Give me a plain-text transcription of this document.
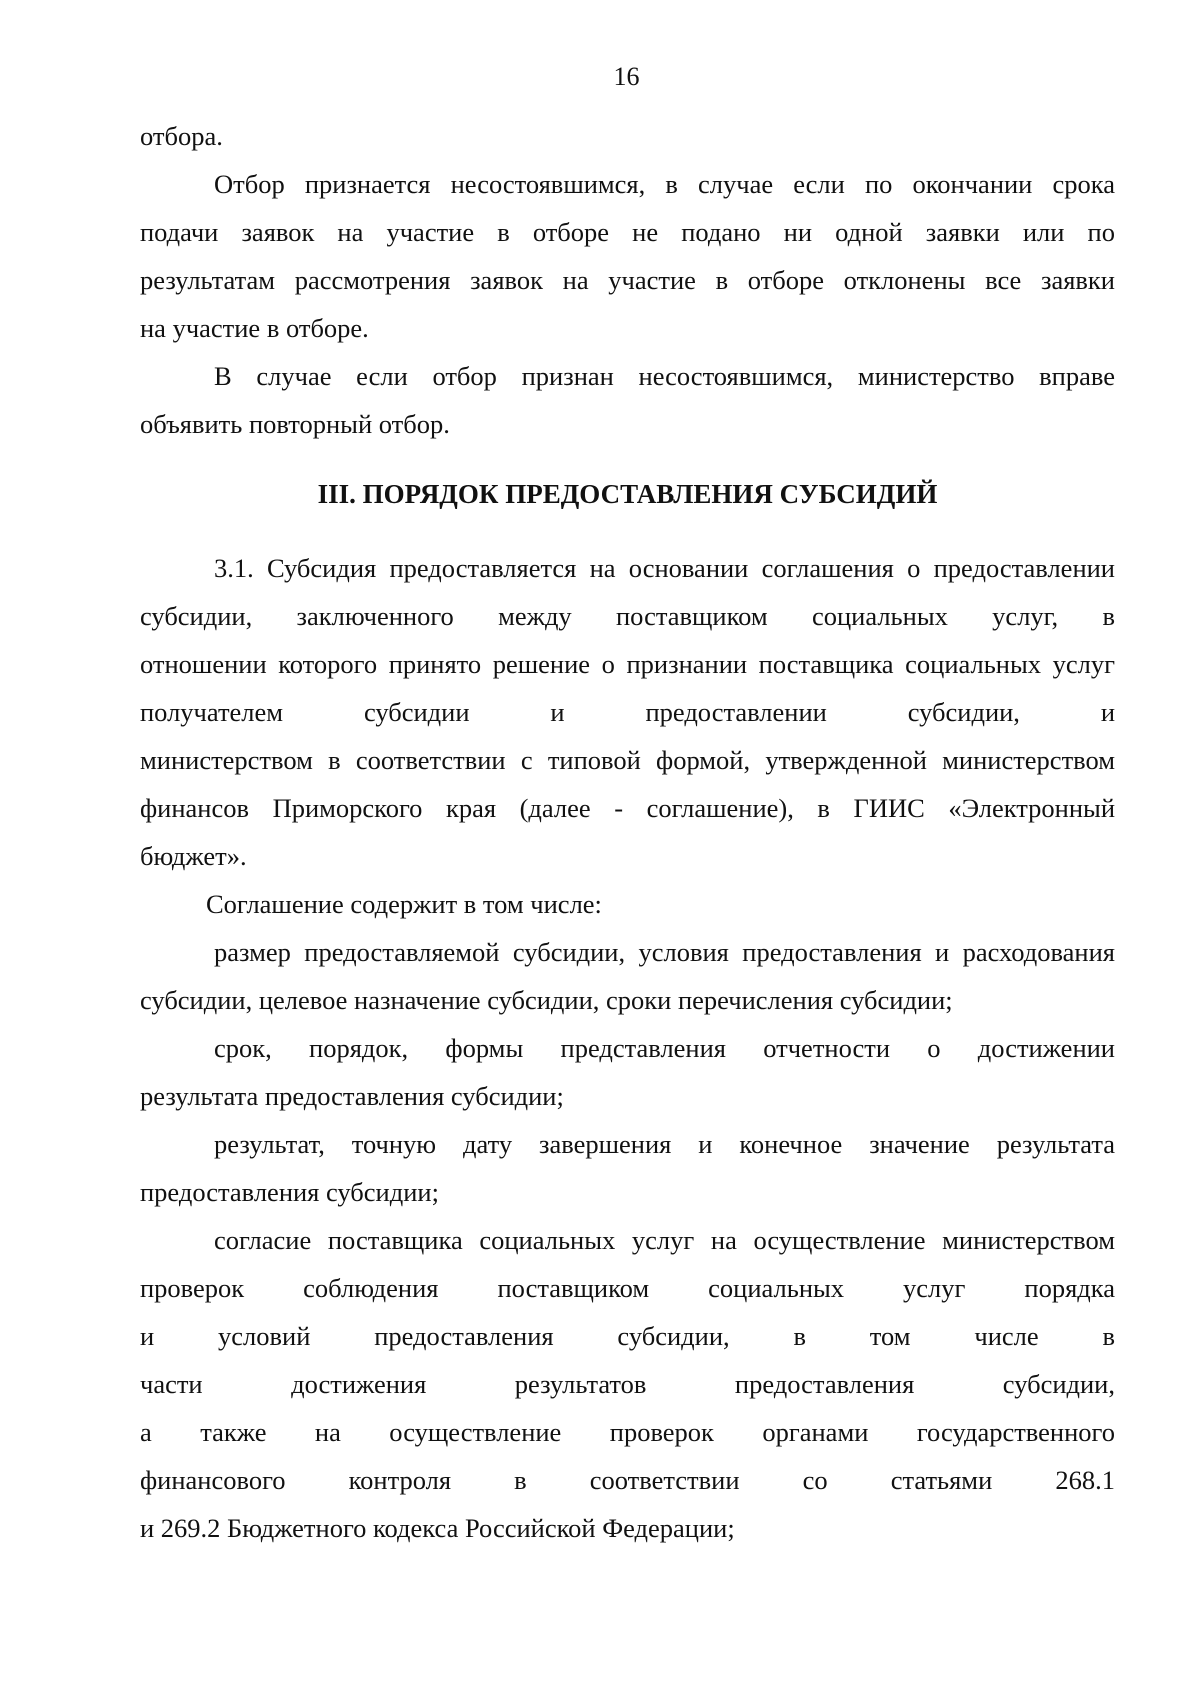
16
отбора.
Отбор признается несостоявшимся, в случае если по окончании срока
подачи заявок на участие в отборе не подано ни одной заявки или по
результатам рассмотрения заявок на участие в отборе отклонены все заявки
на участие в отборе.
В случае если отбор признан несостоявшимся, министерство вправе
объявить повторный отбор.
III. ПОРЯДОК ПРЕДОСТАВЛЕНИЯ СУБСИДИЙ
3.1. Субсидия предоставляется на основании соглашения о предоставлении
субсидии, заключенного между поставщиком социальных услуг, в
отношении которого принято решение о признании поставщика социальных услуг
получателем субсидии и предоставлении субсидии, и
министерством в соответствии с типовой формой, утвержденной министерством
финансов Приморского края (далее - соглашение), в ГИИС «Электронный
бюджет».
Соглашение содержит в том числе:
размер предоставляемой субсидии, условия предоставления и расходования
субсидии, целевое назначение субсидии, сроки перечисления субсидии;
срок, порядок, формы представления отчетности о достижении
результата предоставления субсидии;
результат, точную дату завершения и конечное значение результата
предоставления субсидии;
согласие поставщика социальных услуг на осуществление министерством
проверок соблюдения поставщиком социальных услуг порядка
и условий предоставления субсидии, в том числе в
части достижения результатов предоставления субсидии,
а также на осуществление проверок органами государственного
финансового контроля в соответствии со статьями 268.1
и 269.2 Бюджетного кодекса Российской Федерации;
